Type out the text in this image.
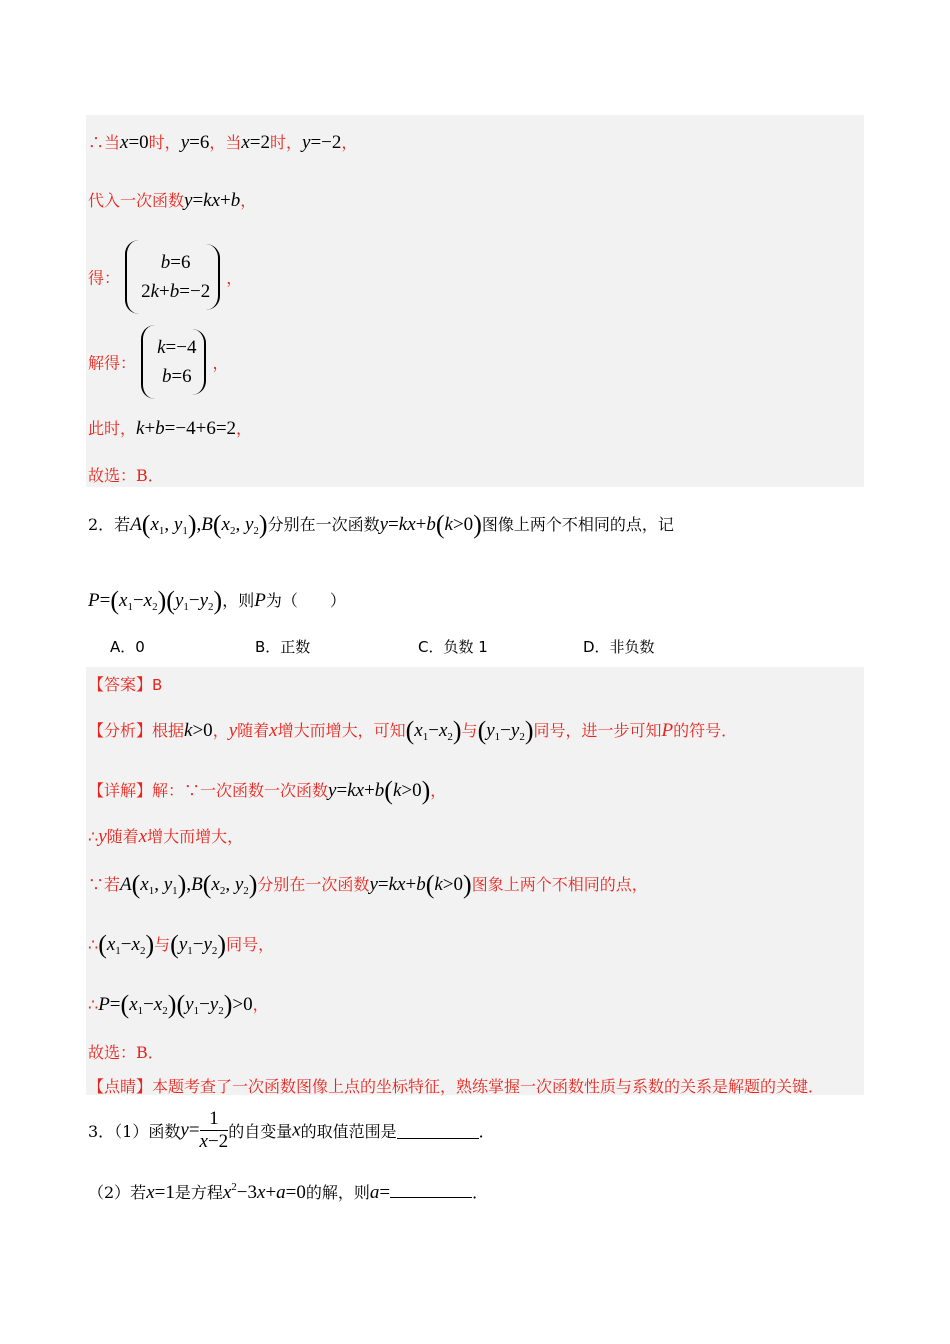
∴当x=0时，y=6，当x=2时，y=−2，
代入一次函数y=kx+b，
得：
b=6
2k+b=−2
，
解得：
k=−4
b=6
，
此时，k+b=−4+6=2，
故选：B．
2．若$A(x_1$, $y_1),B(x_2$, $y_2$)分别在一次函数y=kx+b(k>0)图像上两个不相同的点，记
$P=(x_1-x_2)(y_1-y_2)$，则P为（　　）
A．0	B．正数	C．负数 1	D．非负数
【答案】B
【分析】根据k>0，y随着x增大而增大，可知$(x_1-x_2)$与$(y_1-y_2)$同号，进一步可知P的符号．
【详解】解：∵一次函数一次函数y=kx+b(k>0)，
∴y随着x增大而增大，
∵若$A(x_1$, $y_1),B(x_2$, $y_2$)分别在一次函数y=kx+b(k>0)图象上两个不相同的点，
$\therefore(x_1-x_2)$与$(y_1-y_2)$同号，
$\therefore P=(x_1-x_2)(y_1-y_2)>0$，
故选：B．
【点睛】本题考查了一次函数图像上点的坐标特征，熟练掌握一次函数性质与系数的关系是解题的关键．
3．（1）函数$y= \frac{1}{x-2}$ 的自变量x的取值范围是	．
（2）若x=1是方程$x^2-3x+a=0$的解，则a=	．
